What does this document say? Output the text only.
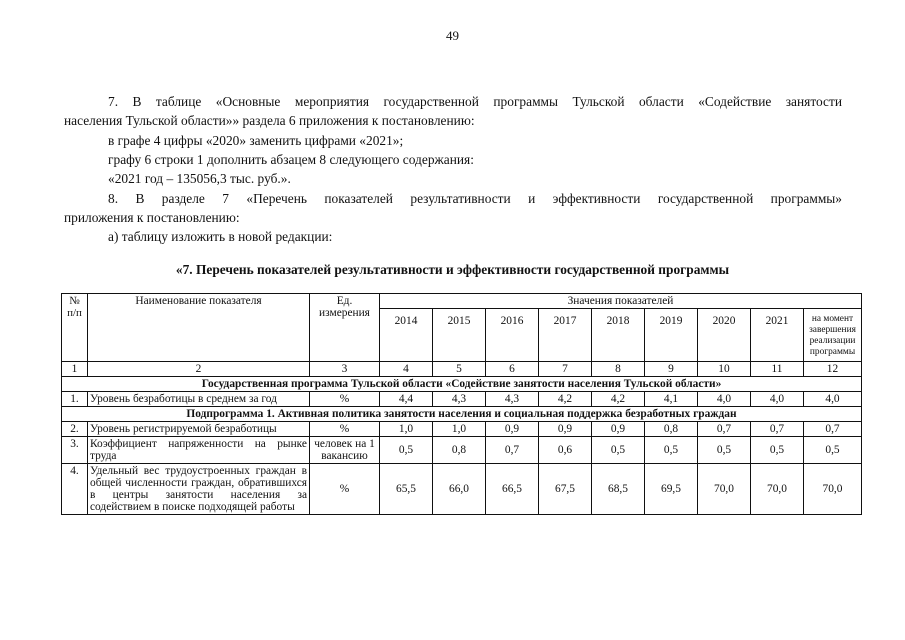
49
7. В таблице «Основные мероприятия государственной программы Тульской области «Содействие занятости
населения Тульской области»» раздела 6 приложения к постановлению:
в графе 4 цифры «2020» заменить цифрами «2021»;
графу 6 строки 1 дополнить абзацем 8 следующего содержания:
«2021 год – 135056,3 тыс. руб.».
8. В разделе 7 «Перечень показателей результативности и эффективности государственной программы»
приложения к постановлению:
а) таблицу изложить в новой редакции:
«7. Перечень показателей результативности и эффективности государственной программы
№ п/п	Наименование показателя	Ед. измерения	Значения показателей								
			2014	2015	2016	2017	2018	2019	2020	2021	на момент завершения реализации программы
1	2	3	4	5	6	7	8	9	10	11	12
Государственная программа Тульской области «Содействие занятости населения Тульской области»											
1.	Уровень безработицы в среднем за год	%	4,4	4,3	4,3	4,2	4,2	4,1	4,0	4,0	4,0
Подпрограмма 1. Активная политика занятости населения и социальная поддержка безработных граждан											
2.	Уровень регистрируемой безработицы	%	1,0	1,0	0,9	0,9	0,9	0,8	0,7	0,7	0,7
3.	Коэффициент напряженности на рынке труда	человек на 1 вакансию	0,5	0,8	0,7	0,6	0,5	0,5	0,5	0,5	0,5
4.	Удельный вес трудоустроенных граждан в общей численности граждан, обратившихся в центры занятости населения за содействием в поиске подходящей работы	%	65,5	66,0	66,5	67,5	68,5	69,5	70,0	70,0	70,0
